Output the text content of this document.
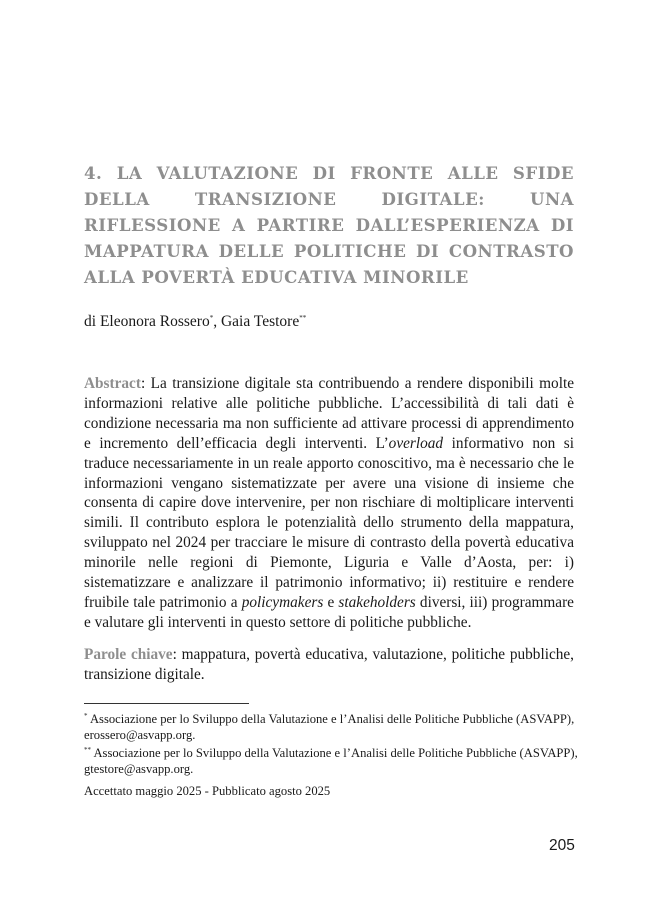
4. LA VALUTAZIONE DI FRONTE ALLE SFIDE DELLA TRANSIZIONE DIGITALE: UNA RIFLESSIONE A PARTIRE DALL’ESPERIENZA DI MAPPATURA DELLE POLITICHE DI CONTRASTO ALLA POVERTÀ EDUCATIVA MINORILE

di Eleonora Rossero*, Gaia Testore**

Abstract: La transizione digitale sta contribuendo a rendere disponibili molte informazioni relative alle politiche pubbliche. L’accessibilità di tali dati è condizione necessaria ma non sufficiente ad attivare processi di apprendimento e incremento dell’efficacia degli interventi. L’overload informativo non si traduce necessariamente in un reale apporto conoscitivo, ma è necessario che le informazioni vengano sistematizzate per avere una visione di insieme che consenta di capire dove intervenire, per non rischiare di moltiplicare interventi simili. Il contributo esplora le potenzialità dello strumento della mappatura, sviluppato nel 2024 per tracciare le misure di contrasto della povertà educativa minorile nelle regioni di Piemonte, Liguria e Valle d’Aosta, per: i) sistematizzare e analizzare il patrimonio informativo; ii) restituire e rendere fruibile tale patrimonio a policymakers e stakeholders diversi, iii) programmare e valutare gli interventi in questo settore di politiche pubbliche.

Parole chiave: mappatura, povertà educativa, valutazione, politiche pubbliche, transizione digitale.

* Associazione per lo Sviluppo della Valutazione e l’Analisi delle Politiche Pubbliche (ASVAPP), erossero@asvapp.org.

** Associazione per lo Sviluppo della Valutazione e l’Analisi delle Politiche Pubbliche (ASVAPP), gtestore@asvapp.org.

Accettato maggio 2025 - Pubblicato agosto 2025

205
